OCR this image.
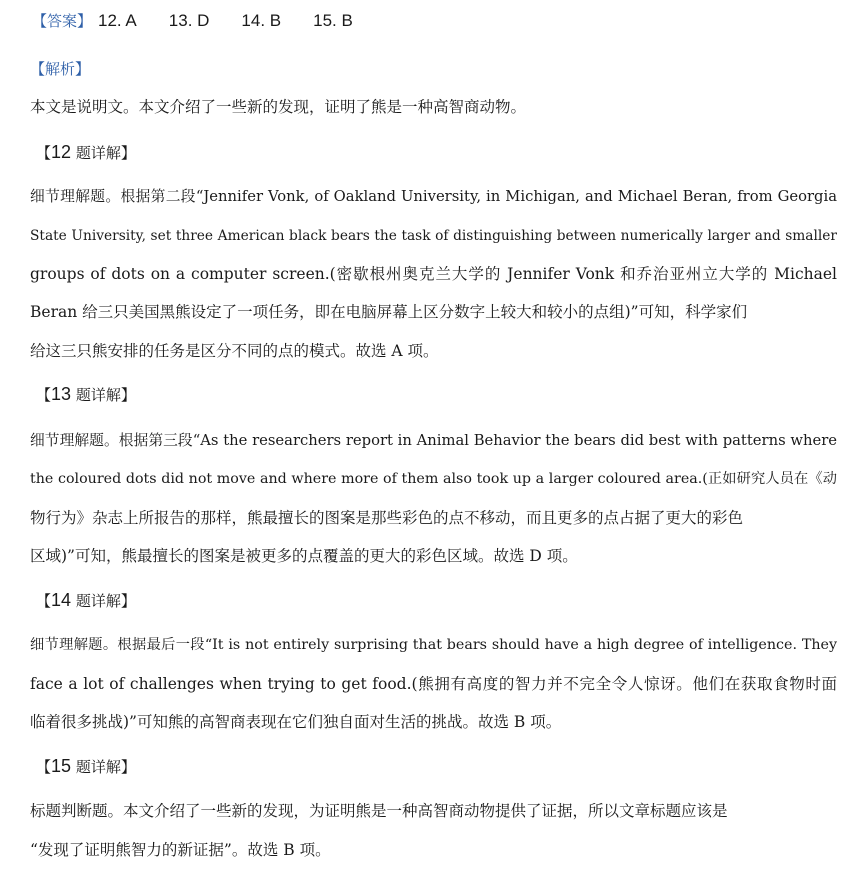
【答案】 12. A 13. D 14. B 15. B
【解析】
本文是说明文。本文介绍了一些新的发现，证明了熊是一种高智商动物。
【12 题详解】
细节理解题。根据第二段“Jennifer Vonk, of Oakland University, in Michigan, and Michael Beran, from Georgia
State University, set three American black bears the task of distinguishing between numerically larger and smaller
groups of dots on a computer screen.(密歇根州奥克兰大学的 Jennifer Vonk 和乔治亚州立大学的 Michael
Beran 给三只美国黑熊设定了一项任务，即在电脑屏幕上区分数字上较大和较小的点组)”可知，科学家们
给这三只熊安排的任务是区分不同的点的模式。故选 A 项。
【13 题详解】
细节理解题。根据第三段“As the researchers report in Animal Behavior the bears did best with patterns where
the coloured dots did not move and where more of them also took up a larger coloured area.(正如研究人员在《动
物行为》杂志上所报告的那样，熊最擅长的图案是那些彩色的点不移动，而且更多的点占据了更大的彩色
区域)”可知，熊最擅长的图案是被更多的点覆盖的更大的彩色区域。故选 D 项。
【14 题详解】
细节理解题。根据最后一段“It is not entirely surprising that bears should have a high degree of intelligence. They
face a lot of challenges when trying to get food.(熊拥有高度的智力并不完全令人惊讶。他们在获取食物时面
临着很多挑战)”可知熊的高智商表现在它们独自面对生活的挑战。故选 B 项。
【15 题详解】
标题判断题。本文介绍了一些新的发现，为证明熊是一种高智商动物提供了证据，所以文章标题应该是
“发现了证明熊智力的新证据”。故选 B 项。
